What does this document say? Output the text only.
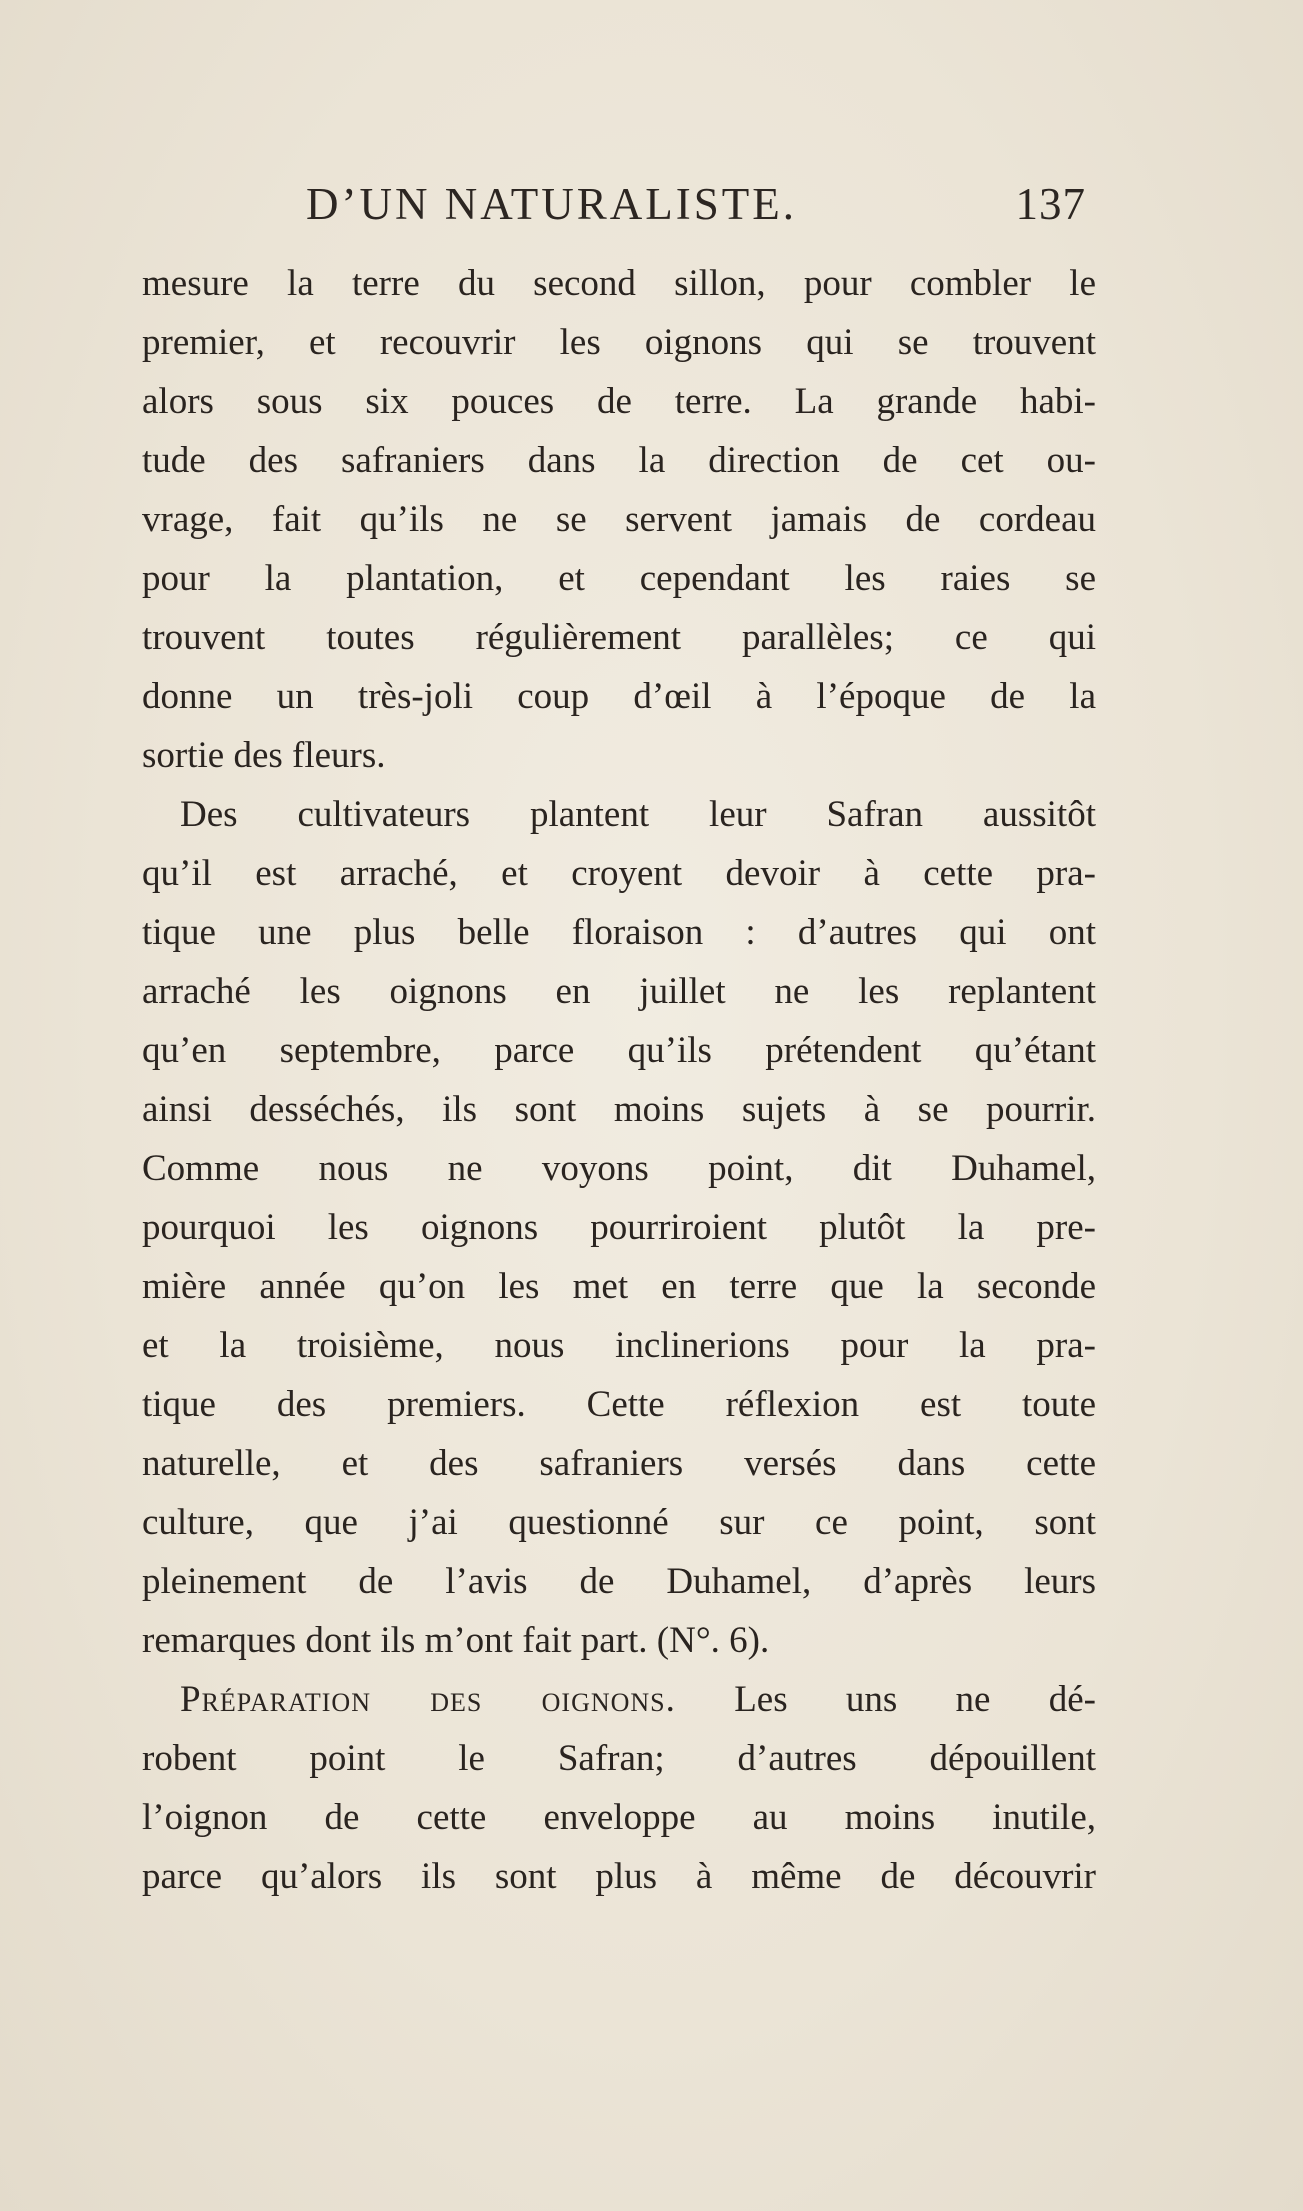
D’UN NATURALISTE.	137
mesure la terre du second sillon, pour combler le
premier, et recouvrir les oignons qui se trouvent
alors sous six pouces de terre. La grande habi-
tude des safraniers dans la direction de cet ou-
vrage, fait qu’ils ne se servent jamais de cordeau
pour la plantation, et cependant les raies se
trouvent toutes régulièrement parallèles; ce qui
donne un très-joli coup d’œil à l’époque de la
sortie des fleurs.
Des cultivateurs plantent leur Safran aussitôt
qu’il est arraché, et croyent devoir à cette pra-
tique une plus belle floraison : d’autres qui ont
arraché les oignons en juillet ne les replantent
qu’en septembre, parce qu’ils prétendent qu’étant
ainsi desséchés, ils sont moins sujets à se pourrir.
Comme nous ne voyons point, dit Duhamel,
pourquoi les oignons pourriroient plutôt la pre-
mière année qu’on les met en terre que la seconde
et la troisième, nous inclinerions pour la pra-
tique des premiers. Cette réflexion est toute
naturelle, et des safraniers versés dans cette
culture, que j’ai questionné sur ce point, sont
pleinement de l’avis de Duhamel, d’après leurs
remarques dont ils m’ont fait part. (N°. 6).
Préparation des oignons. Les uns ne dé-
robent point le Safran; d’autres dépouillent
l’oignon de cette enveloppe au moins inutile,
parce qu’alors ils sont plus à même de découvrir
